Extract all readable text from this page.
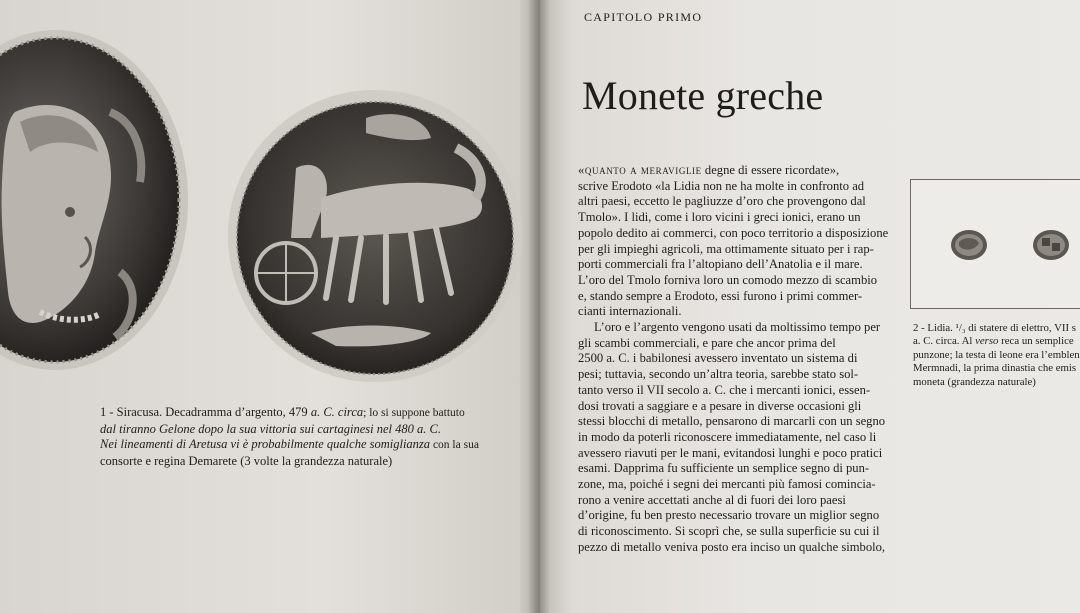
1 - Siracusa. Decadramma d’argento, 479 a. C. circa; lo si suppone battuto
dal tiranno Gelone dopo la sua vittoria sui cartaginesi nel 480 a. C.
Nei lineamenti di Aretusa vi è probabilmente qualche somiglianza con la sua
consorte e regina Demarete (3 volte la grandezza naturale)
CAPITOLO PRIMO
Monete greche

«quanto a meraviglie degne di essere ricordate»,
scrive Erodoto «la Lidia non ne ha molte in confronto ad
altri paesi, eccetto le pagliuzze d’oro che provengono dal
Tmolo». I lidi, come i loro vicini i greci ionici, erano un
popolo dedito ai commerci, con poco territorio a disposizione
per gli impieghi agricoli, ma ottimamente situato per i rap-
porti commerciali fra l’altopiano dell’Anatolia e il mare.
L’oro del Tmolo forniva loro un comodo mezzo di scambio
e, stando sempre a Erodoto, essi furono i primi commer-
cianti internazionali.

L’oro e l’argento vengono usati da moltissimo tempo per
gli scambi commerciali, e pare che ancor prima del
2500 a. C. i babilonesi avessero inventato un sistema di
pesi; tuttavia, secondo un’altra teoria, sarebbe stato sol-
tanto verso il VII secolo a. C. che i mercanti ionici, essen-
dosi trovati a saggiare e a pesare in diverse occasioni gli
stessi blocchi di metallo, pensarono di marcarli con un segno
in modo da poterli riconoscere immediatamente, nel caso li
avessero riavuti per le mani, evitandosi lunghi e poco pratici
esami. Dapprima fu sufficiente un semplice segno di pun-
zone, ma, poiché i segni dei mercanti più famosi comincia-
rono a venire accettati anche al di fuori dei loro paesi
d’origine, fu ben presto necessario trovare un miglior segno
di riconoscimento. Si scoprì che, se sulla superficie su cui il
pezzo di metallo veniva posto era inciso un qualche simbolo,

2 - Lidia. ¹/₃ di statere di elettro, VII s
a. C. circa. Al verso reca un semplice
punzone; la testa di leone era l’emblen
Mermnadi, la prima dinastia che emis
moneta (grandezza naturale)
